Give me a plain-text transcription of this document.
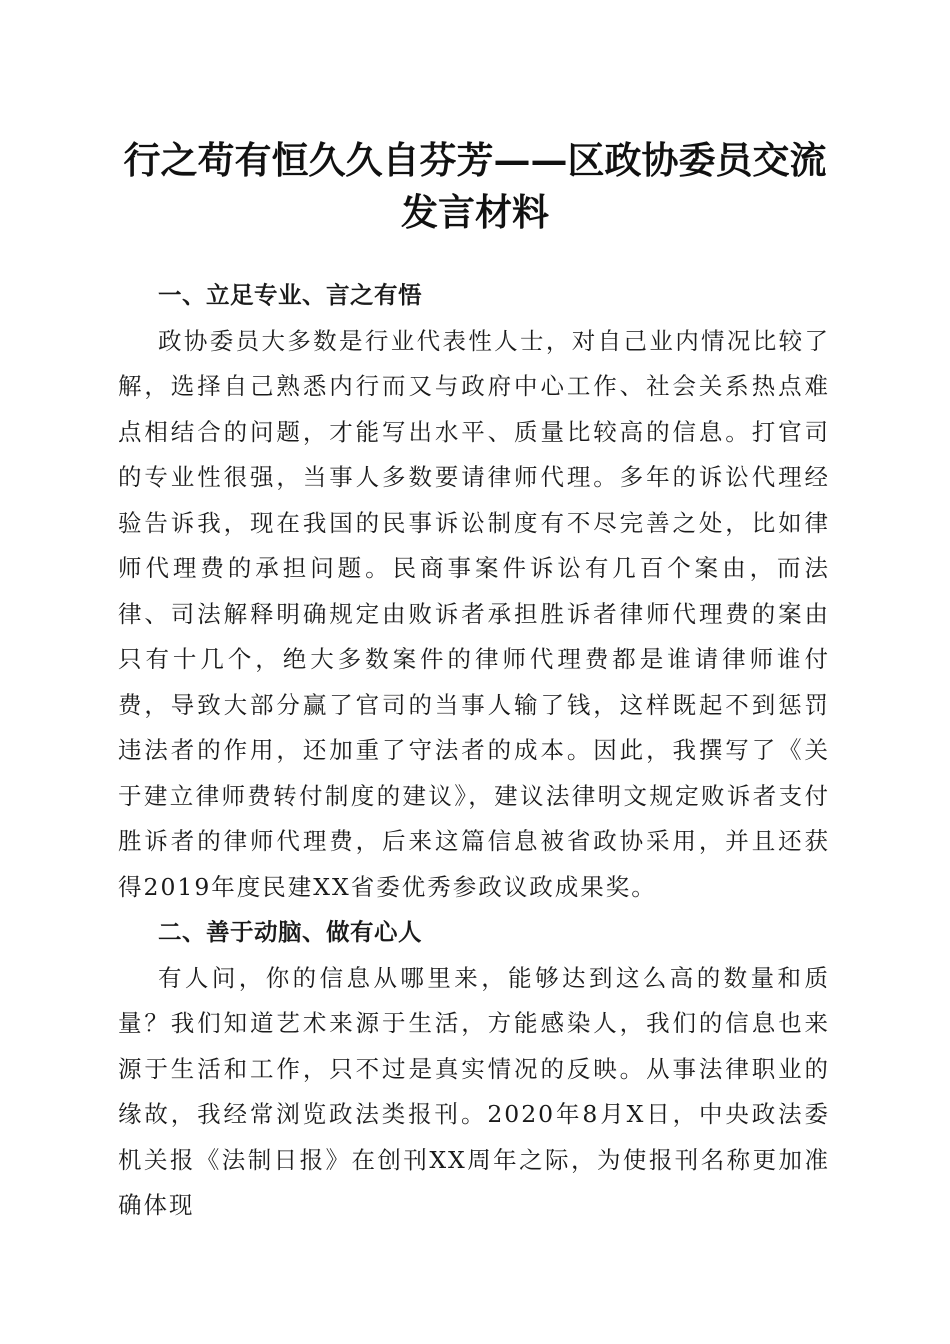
行之苟有恒久久自芬芳——区政协委员交流发言材料

一、立足专业、言之有悟

政协委员大多数是行业代表性人士，对自己业内情况比较了解，选择自己熟悉内行而又与政府中心工作、社会关系热点难点相结合的问题，才能写出水平、质量比较高的信息。打官司的专业性很强，当事人多数要请律师代理。多年的诉讼代理经验告诉我，现在我国的民事诉讼制度有不尽完善之处，比如律师代理费的承担问题。民商事案件诉讼有几百个案由，而法律、司法解释明确规定由败诉者承担胜诉者律师代理费的案由只有十几个，绝大多数案件的律师代理费都是谁请律师谁付费，导致大部分赢了官司的当事人输了钱，这样既起不到惩罚违法者的作用，还加重了守法者的成本。因此，我撰写了《关于建立律师费转付制度的建议》，建议法律明文规定败诉者支付胜诉者的律师代理费，后来这篇信息被省政协采用，并且还获得2019年度民建XX省委优秀参政议政成果奖。

二、善于动脑、做有心人

有人问，你的信息从哪里来，能够达到这么高的数量和质量？我们知道艺术来源于生活，方能感染人，我们的信息也来源于生活和工作，只不过是真实情况的反映。从事法律职业的缘故，我经常浏览政法类报刊。2020年8月X日，中央政法委机关报《法制日报》在创刊XX周年之际，为使报刊名称更加准确体现
